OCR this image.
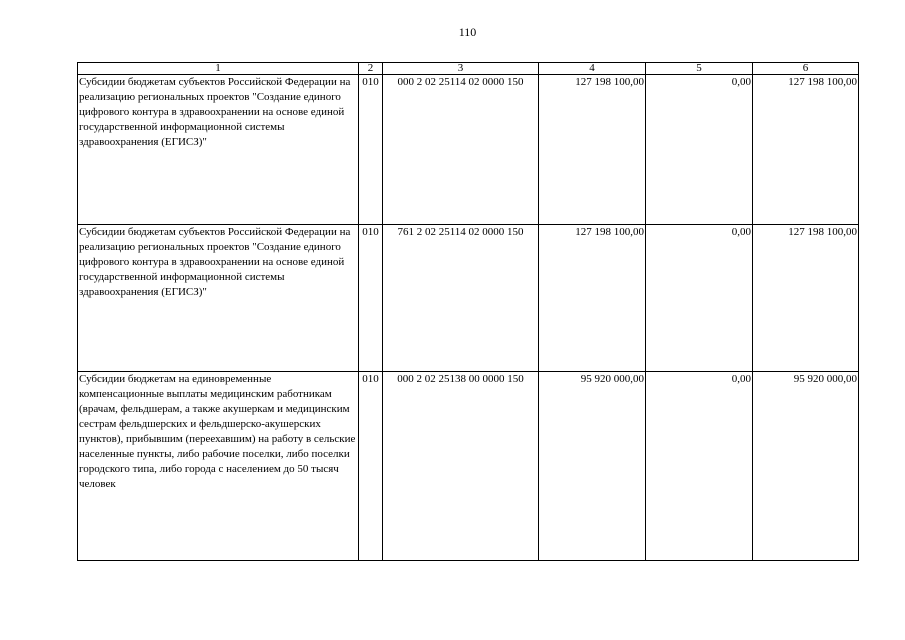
110
1	2	3	4	5	6
Субсидии бюджетам субъектов Российской Федерации на реализацию региональных проектов "Создание единого цифрового контура в здравоохранении на основе единой государственной информационной системы здравоохранения (ЕГИСЗ)"	010	000 2 02 25114 02 0000 150	127 198 100,00	0,00	127 198 100,00
Субсидии бюджетам субъектов Российской Федерации на реализацию региональных проектов "Создание единого цифрового контура в здравоохранении на основе единой государственной информационной системы здравоохранения (ЕГИСЗ)"	010	761 2 02 25114 02 0000 150	127 198 100,00	0,00	127 198 100,00
Субсидии бюджетам на единовременные компенсационные выплаты медицинским работникам (врачам, фельдшерам, а также акушеркам и медицинским сестрам фельдшерских и фельдшерско-акушерских пунктов), прибывшим (переехавшим) на работу в сельские населенные пункты, либо рабочие поселки, либо поселки городского типа, либо города с населением до 50 тысяч человек	010	000 2 02 25138 00 0000 150	95 920 000,00	0,00	95 920 000,00
